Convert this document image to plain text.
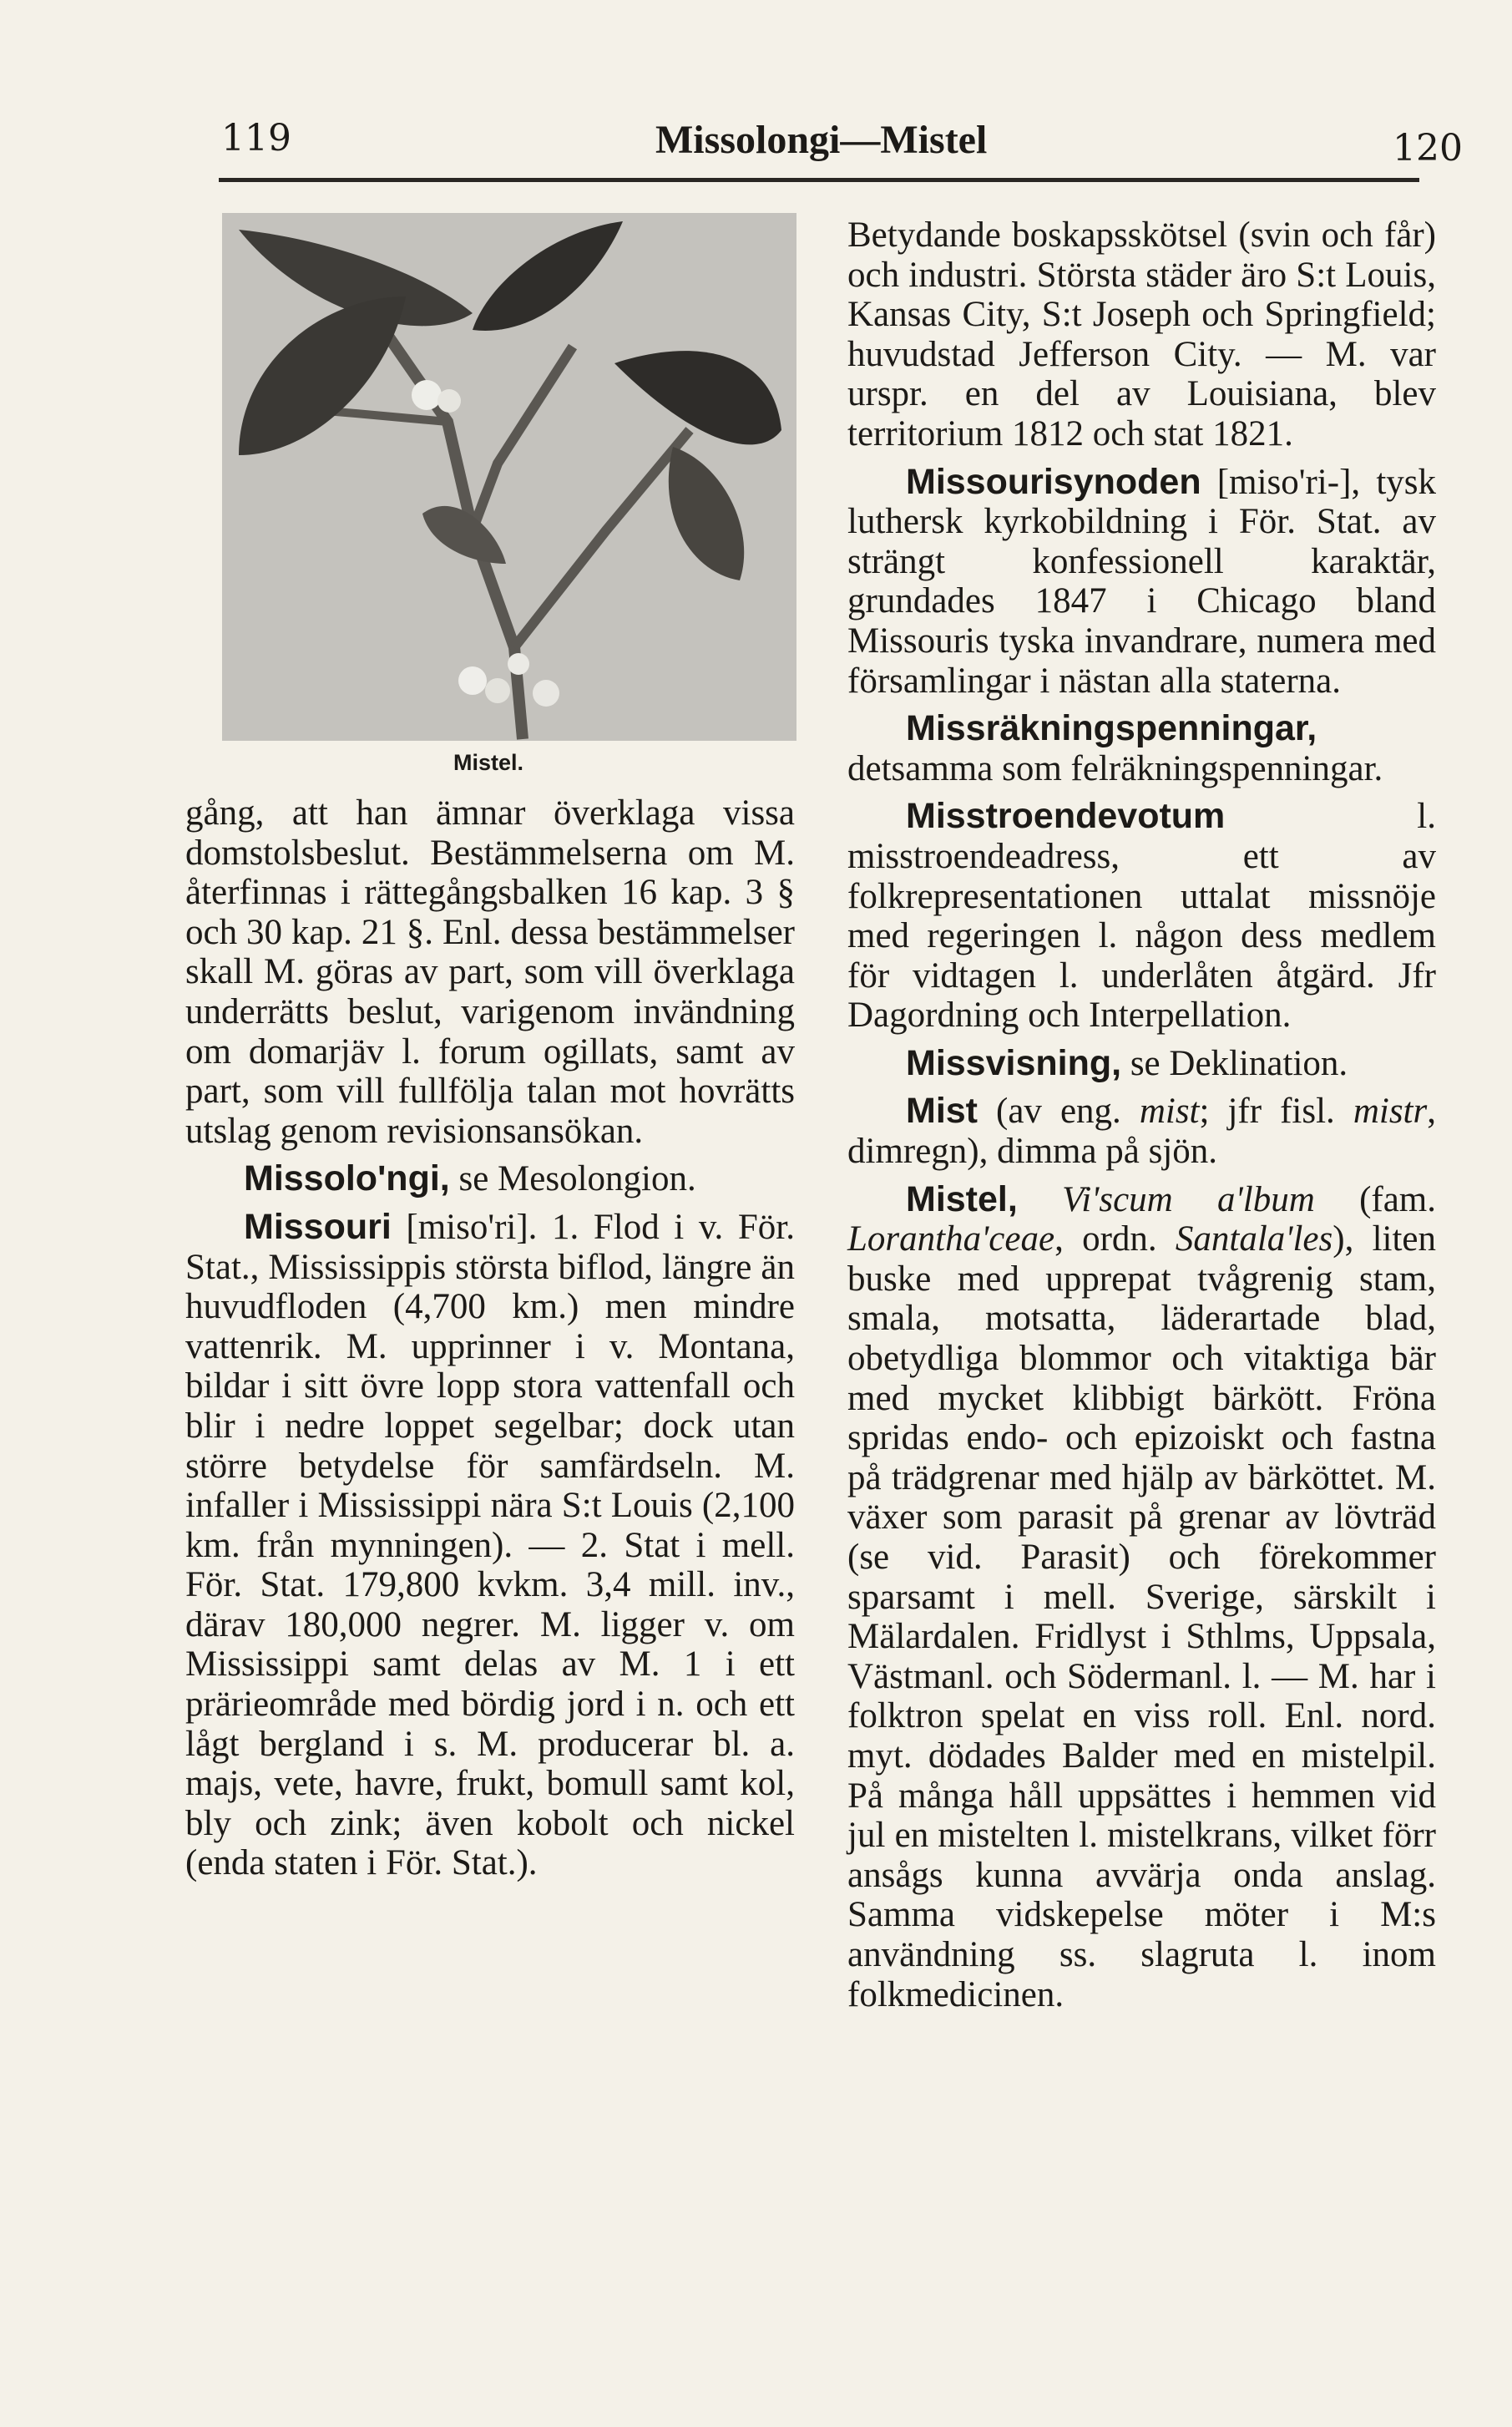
119	Missolongi—Mistel	120
Mistel.

gång, att han ämnar överklaga vissa domstolsbeslut. Bestämmelserna om M. återfinnas i rättegångsbalken 16 kap. 3 § och 30 kap. 21 §. Enl. dessa bestämmelser skall M. göras av part, som vill överklaga underrätts beslut, varigenom invändning om domarjäv l. forum ogillats, samt av part, som vill fullfölja talan mot hovrätts utslag genom revisionsansökan.

Missolo'ngi, se Mesolongion.

Missouri [miso'ri]. 1. Flod i v. För. Stat., Mississippis största biflod, längre än huvudfloden (4,700 km.) men mindre vattenrik. M. upprinner i v. Montana, bildar i sitt övre lopp stora vattenfall och blir i nedre loppet segelbar; dock utan större betydelse för samfärdseln. M. infaller i Mississippi nära S:t Louis (2,100 km. från mynningen). — 2. Stat i mell. För. Stat. 179,800 kvkm. 3,4 mill. inv., därav 180,000 negrer. M. ligger v. om Mississippi samt delas av M. 1 i ett prärieområde med bördig jord i n. och ett lågt bergland i s. M. producerar bl. a. majs, vete, havre, frukt, bomull samt kol, bly och zink; även kobolt och nickel (enda staten i För. Stat.).

Betydande boskapsskötsel (svin och får) och industri. Största städer äro S:t Louis, Kansas City, S:t Joseph och Springfield; huvudstad Jefferson City. — M. var urspr. en del av Louisiana, blev territorium 1812 och stat 1821.

Missourisynoden [miso'ri-], tysk luthersk kyrkobildning i För. Stat. av strängt konfessionell karaktär, grundades 1847 i Chicago bland Missouris tyska invandrare, numera med församlingar i nästan alla staterna.

Missräkningspenningar, detsamma som felräkningspenningar.

Misstroendevotum l. misstroendeadress, ett av folkrepresentationen uttalat missnöje med regeringen l. någon dess medlem för vidtagen l. underlåten åtgärd. Jfr Dagordning och Interpellation.

Missvisning, se Deklination.

Mist (av eng. mist; jfr fisl. mistr, dimregn), dimma på sjön.

Mistel, Vi'scum a'lbum (fam. Lorantha'ceae, ordn. Santala'les), liten buske med upprepat tvågrenig stam, smala, motsatta, läderartade blad, obetydliga blommor och vitaktiga bär med mycket klibbigt bärkött. Fröna spridas endo- och epizoiskt och fastna på trädgrenar med hjälp av bärköttet. M. växer som parasit på grenar av lövträd (se vid. Parasit) och förekommer sparsamt i mell. Sverige, särskilt i Mälardalen. Fridlyst i Sthlms, Uppsala, Västmanl. och Södermanl. l. — M. har i folktron spelat en viss roll. Enl. nord. myt. dödades Balder med en mistelpil. På många håll uppsättes i hemmen vid jul en mistelten l. mistelkrans, vilket förr ansågs kunna avvärja onda anslag. Samma vidskepelse möter i M:s användning ss. slagruta l. inom folkmedicinen.
